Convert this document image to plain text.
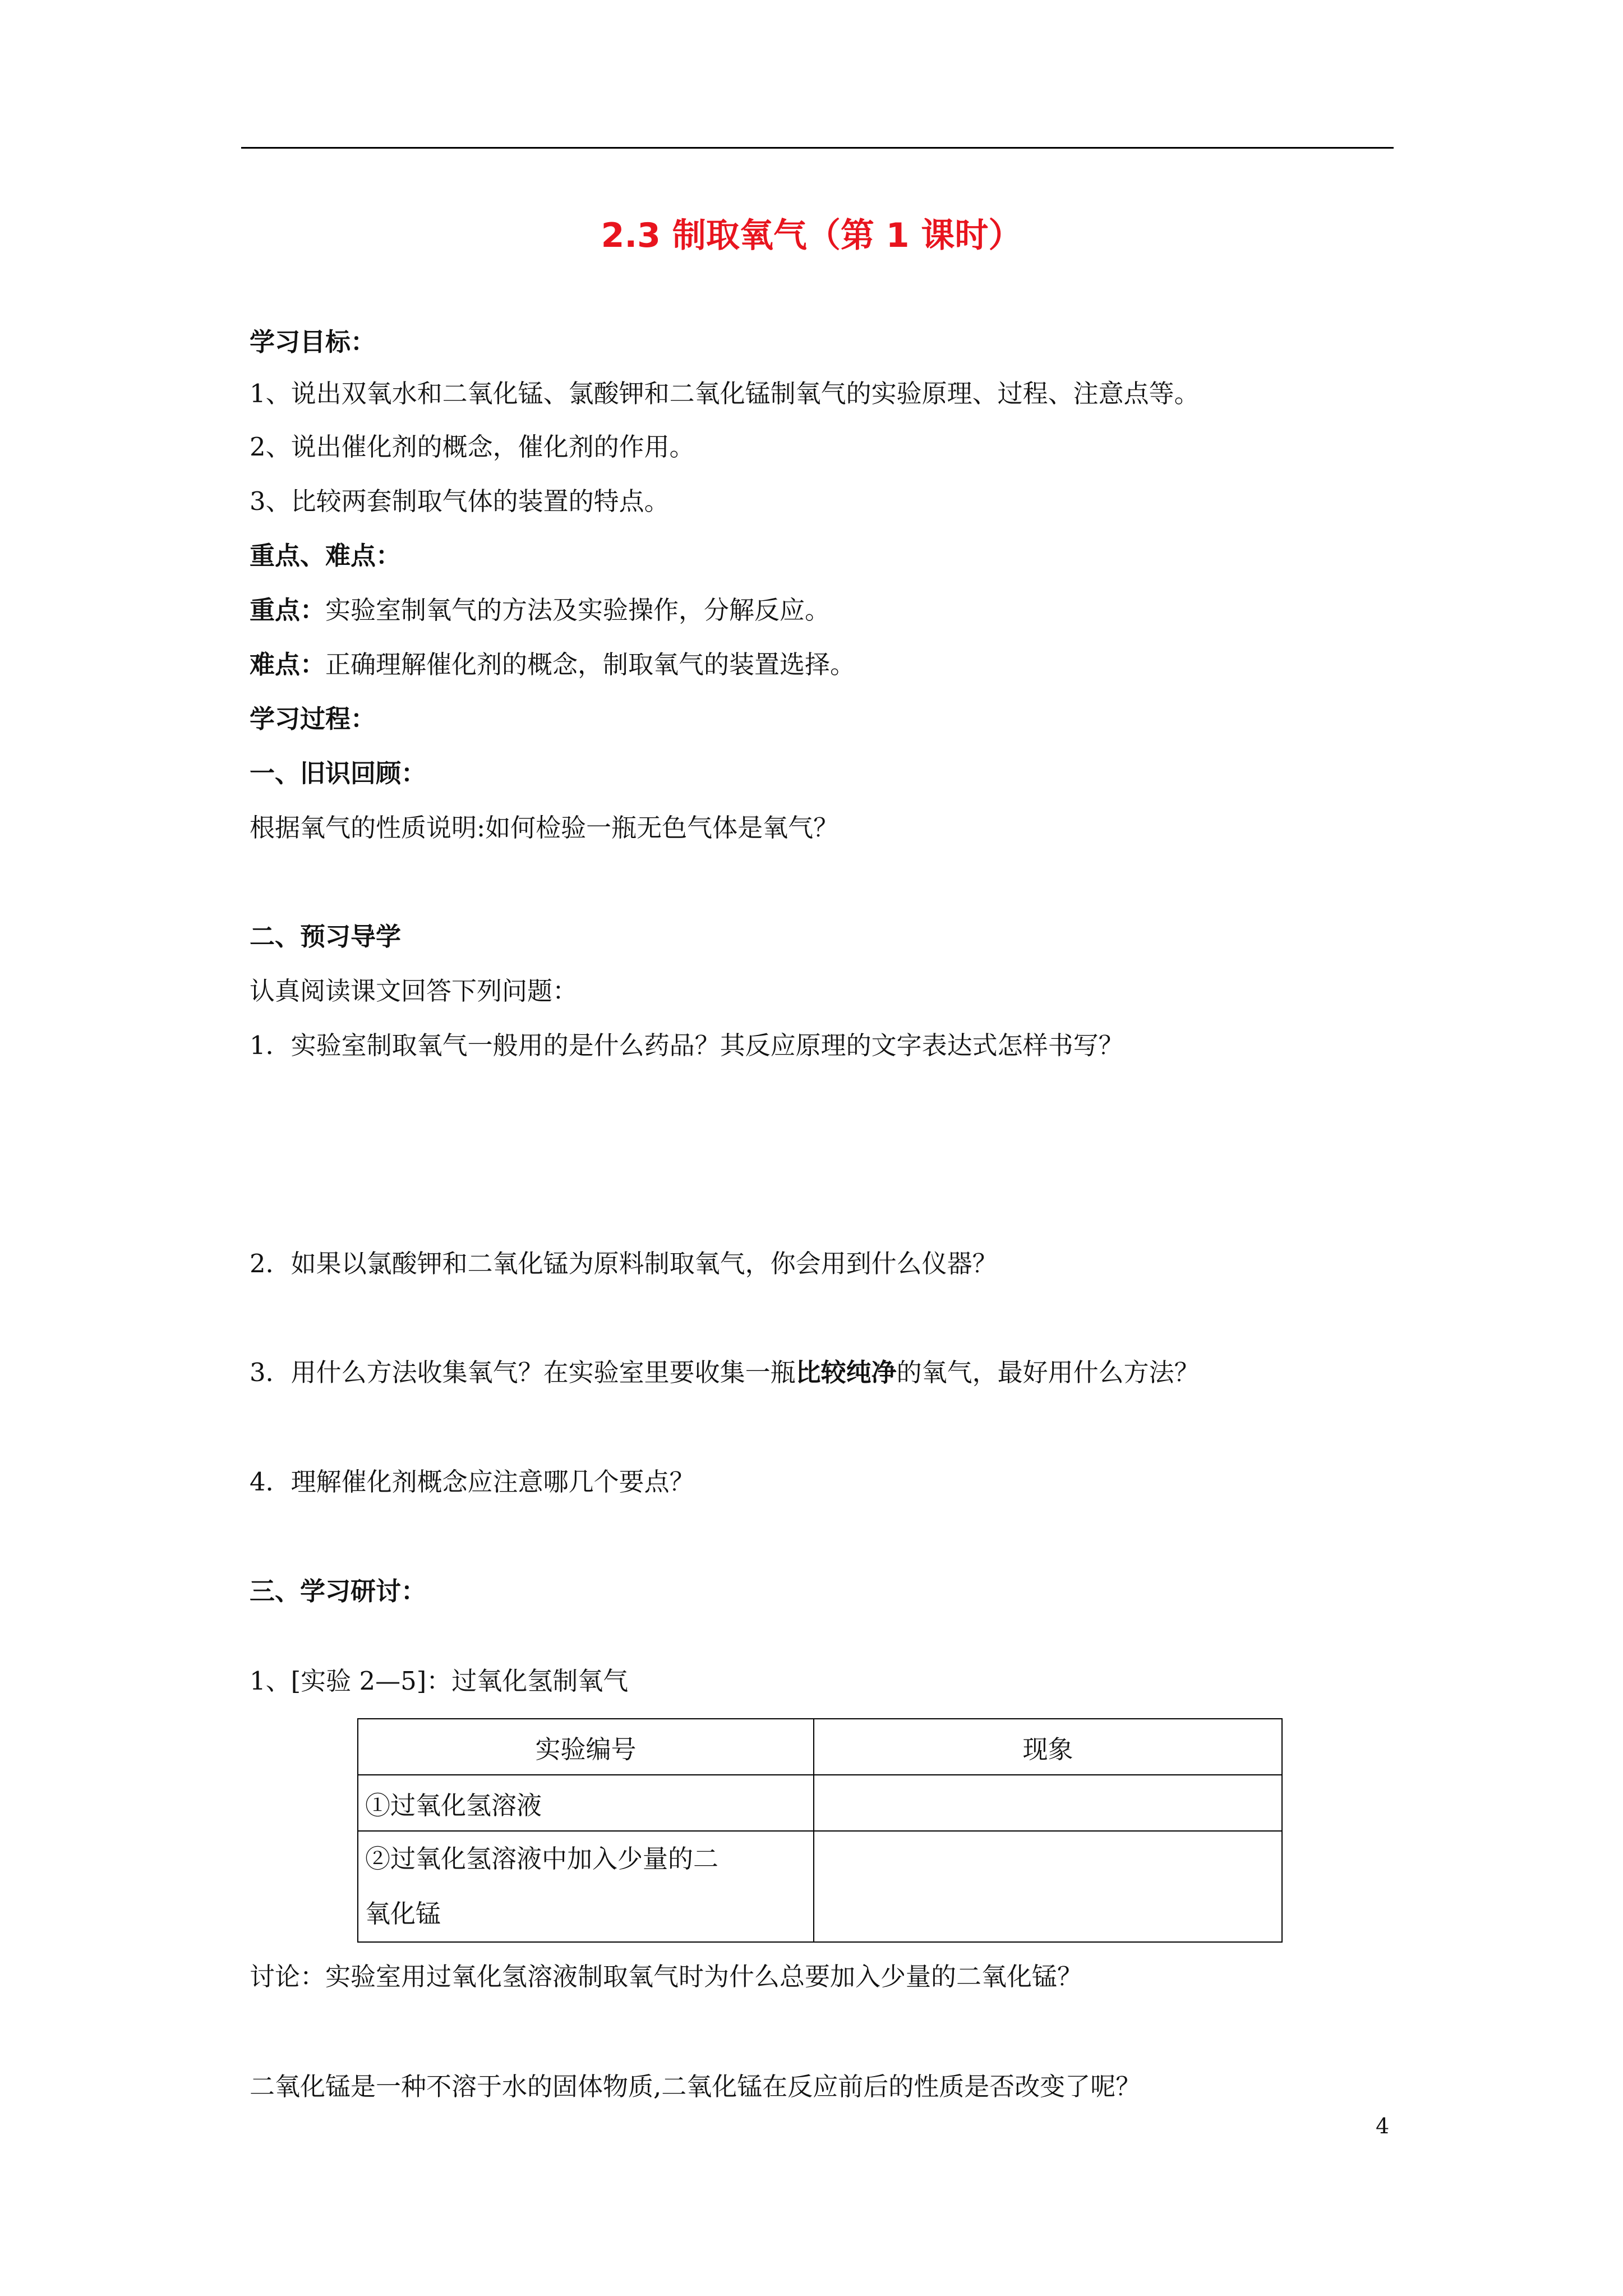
2.3 制取氧气（第 1 课时）
学习目标：
1、说出双氧水和二氧化锰、氯酸钾和二氧化锰制氧气的实验原理、过程、注意点等。
2、说出催化剂的概念，催化剂的作用。
3、比较两套制取气体的装置的特点。
重点、难点：
重点：实验室制氧气的方法及实验操作，分解反应。
难点：正确理解催化剂的概念，制取氧气的装置选择。
学习过程：
一、旧识回顾：
根据氧气的性质说明:如何检验一瓶无色气体是氧气？
二、预习导学
认真阅读课文回答下列问题：
1．实验室制取氧气一般用的是什么药品？其反应原理的文字表达式怎样书写？
2．如果以氯酸钾和二氧化锰为原料制取氧气，你会用到什么仪器？
3．用什么方法收集氧气？在实验室里要收集一瓶比较纯净的氧气，最好用什么方法？
4．理解催化剂概念应注意哪几个要点？
三、学习研讨：
1、[实验 2—5]：过氧化氢制氧气
实验编号	现象
①过氧化氢溶液	

②过氧化氢溶液中加入少量的二
氧化锰	

讨论：实验室用过氧化氢溶液制取氧气时为什么总要加入少量的二氧化锰？
二氧化锰是一种不溶于水的固体物质,二氧化锰在反应前后的性质是否改变了呢？
4
